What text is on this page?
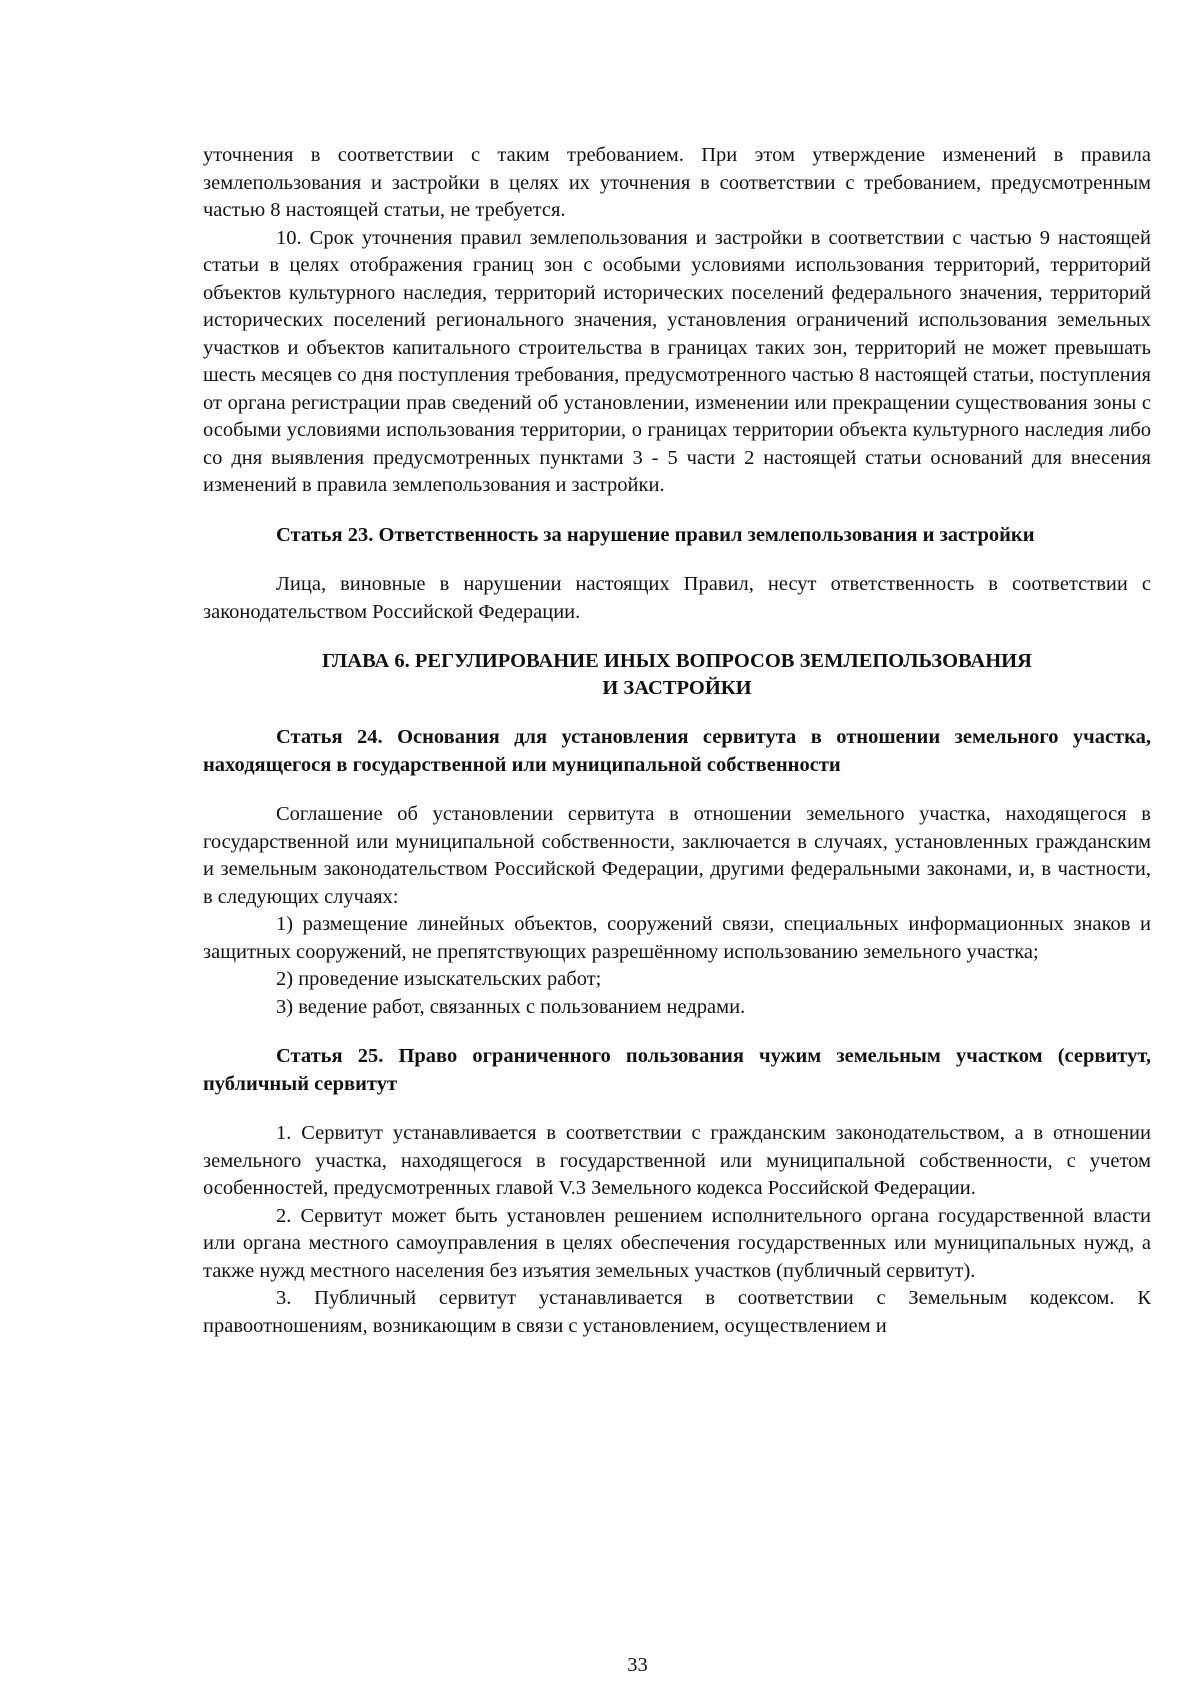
уточнения в соответствии с таким требованием. При этом утверждение изменений в правила землепользования и застройки в целях их уточнения в соответствии с требованием, предусмотренным частью 8 настоящей статьи, не требуется.

10. Срок уточнения правил землепользования и застройки в соответствии с частью 9 настоящей статьи в целях отображения границ зон с особыми условиями использования территорий, территорий объектов культурного наследия, территорий исторических поселений федерального значения, территорий исторических поселений регионального значения, установления ограничений использования земельных участков и объектов капитального строительства в границах таких зон, территорий не может превышать шесть месяцев со дня поступления требования, предусмотренного частью 8 настоящей статьи, поступления от органа регистрации прав сведений об установлении, изменении или прекращении существования зоны с особыми условиями использования территории, о границах территории объекта культурного наследия либо со дня выявления предусмотренных пунктами 3 - 5 части 2 настоящей статьи оснований для внесения изменений в правила землепользования и застройки.

Статья 23. Ответственность за нарушение правил землепользования и застройки

Лица, виновные в нарушении настоящих Правил, несут ответственность в соответствии с законодательством Российской Федерации.

ГЛАВА 6. РЕГУЛИРОВАНИЕ ИНЫХ ВОПРОСОВ ЗЕМЛЕПОЛЬЗОВАНИЯ
И ЗАСТРОЙКИ

Статья 24. Основания для установления сервитута в отношении земельного участка, находящегося в государственной или муниципальной собственности

Соглашение об установлении сервитута в отношении земельного участка, находящегося в государственной или муниципальной собственности, заключается в случаях, установленных гражданским и земельным законодательством Российской Федерации, другими федеральными законами, и, в частности, в следующих случаях:

1) размещение линейных объектов, сооружений связи, специальных информационных знаков и защитных сооружений, не препятствующих разрешённому использованию земельного участка;

2) проведение изыскательских работ;

3) ведение работ, связанных с пользованием недрами.

Статья 25. Право ограниченного пользования чужим земельным участком (сервитут, публичный сервитут

1. Сервитут устанавливается в соответствии с гражданским законодательством, а в отношении земельного участка, находящегося в государственной или муниципальной собственности, с учетом особенностей, предусмотренных главой V.3 Земельного кодекса Российской Федерации.

2. Сервитут может быть установлен решением исполнительного органа государственной власти или органа местного самоуправления в целях обеспечения государственных или муниципальных нужд, а также нужд местного населения без изъятия земельных участков (публичный сервитут).

3. Публичный сервитут устанавливается в соответствии с Земельным кодексом. К правоотношениям, возникающим в связи с установлением, осуществлением и

33
